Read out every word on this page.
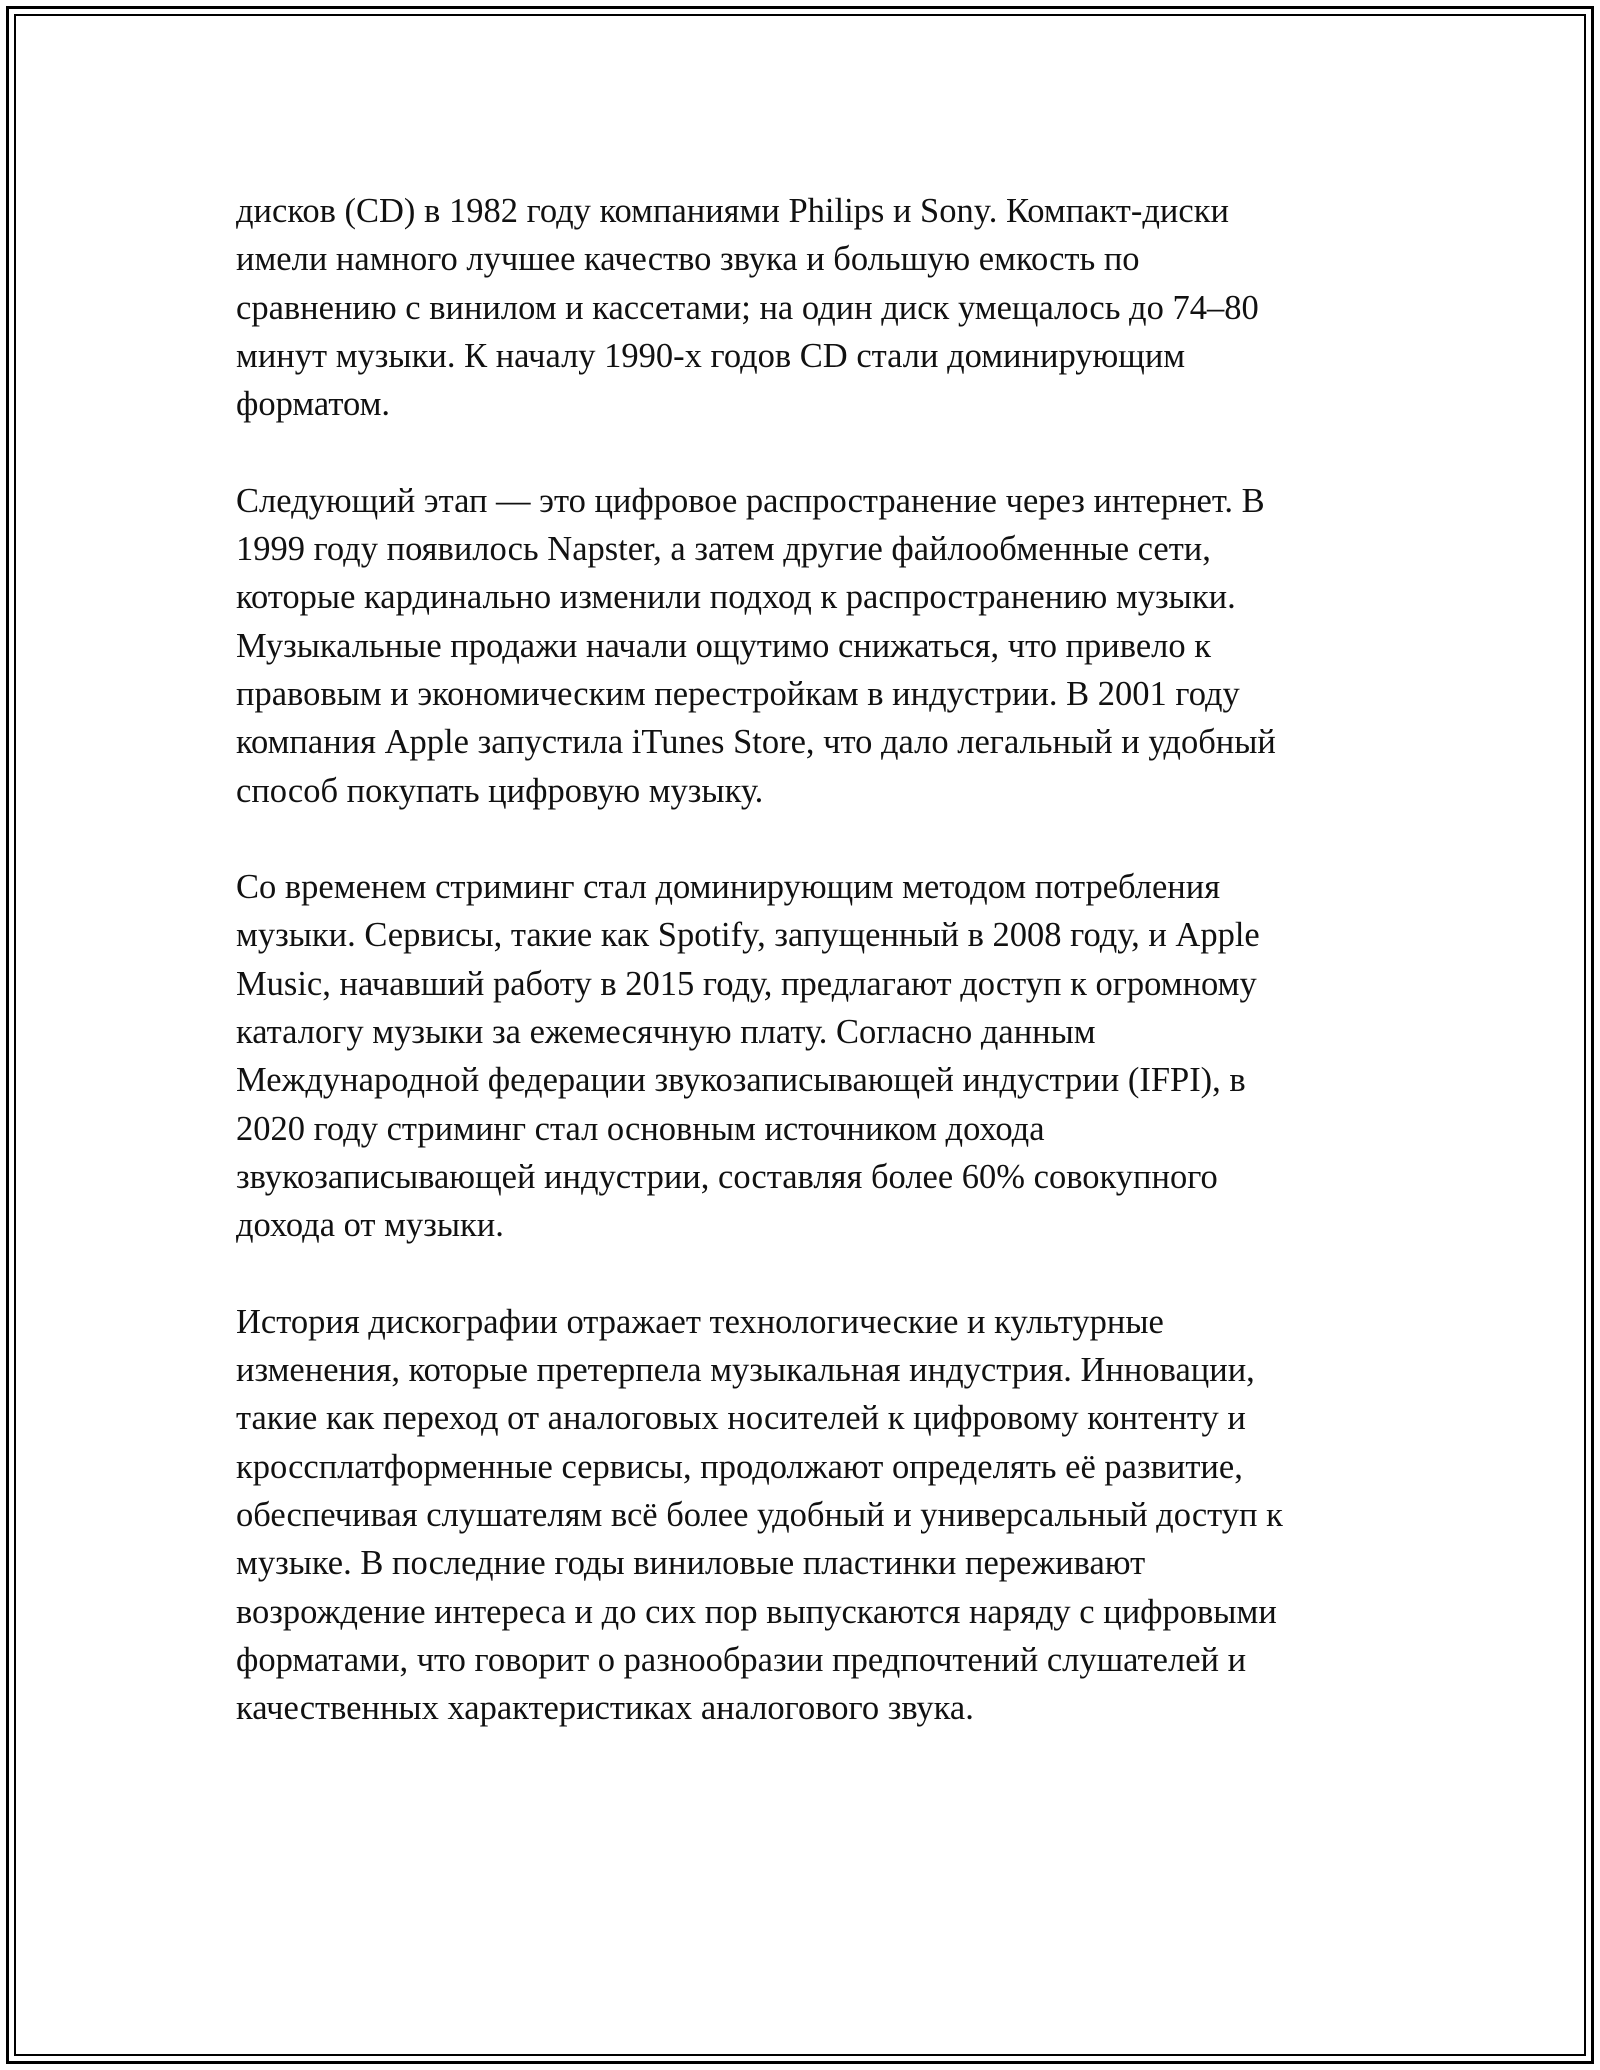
дисков (CD) в 1982 году компаниями Philips и Sony. Компакт-диски
имели намного лучшее качество звука и большую емкость по
сравнению с винилом и кассетами; на один диск умещалось до 74–80
минут музыки. К началу 1990-х годов CD стали доминирующим
форматом.

Следующий этап — это цифровое распространение через интернет. В
1999 году появилось Napster, а затем другие файлообменные сети,
которые кардинально изменили подход к распространению музыки.
Музыкальные продажи начали ощутимо снижаться, что привело к
правовым и экономическим перестройкам в индустрии. В 2001 году
компания Apple запустила iTunes Store, что дало легальный и удобный
способ покупать цифровую музыку.

Со временем стриминг стал доминирующим методом потребления
музыки. Сервисы, такие как Spotify, запущенный в 2008 году, и Apple
Music, начавший работу в 2015 году, предлагают доступ к огромному
каталогу музыки за ежемесячную плату. Согласно данным
Международной федерации звукозаписывающей индустрии (IFPI), в
2020 году стриминг стал основным источником дохода
звукозаписывающей индустрии, составляя более 60% совокупного
дохода от музыки.

История дискографии отражает технологические и культурные
изменения, которые претерпела музыкальная индустрия. Инновации,
такие как переход от аналоговых носителей к цифровому контенту и
кроссплатформенные сервисы, продолжают определять её развитие,
обеспечивая слушателям всё более удобный и универсальный доступ к
музыке. В последние годы виниловые пластинки переживают
возрождение интереса и до сих пор выпускаются наряду с цифровыми
форматами, что говорит о разнообразии предпочтений слушателей и
качественных характеристиках аналогового звука.
